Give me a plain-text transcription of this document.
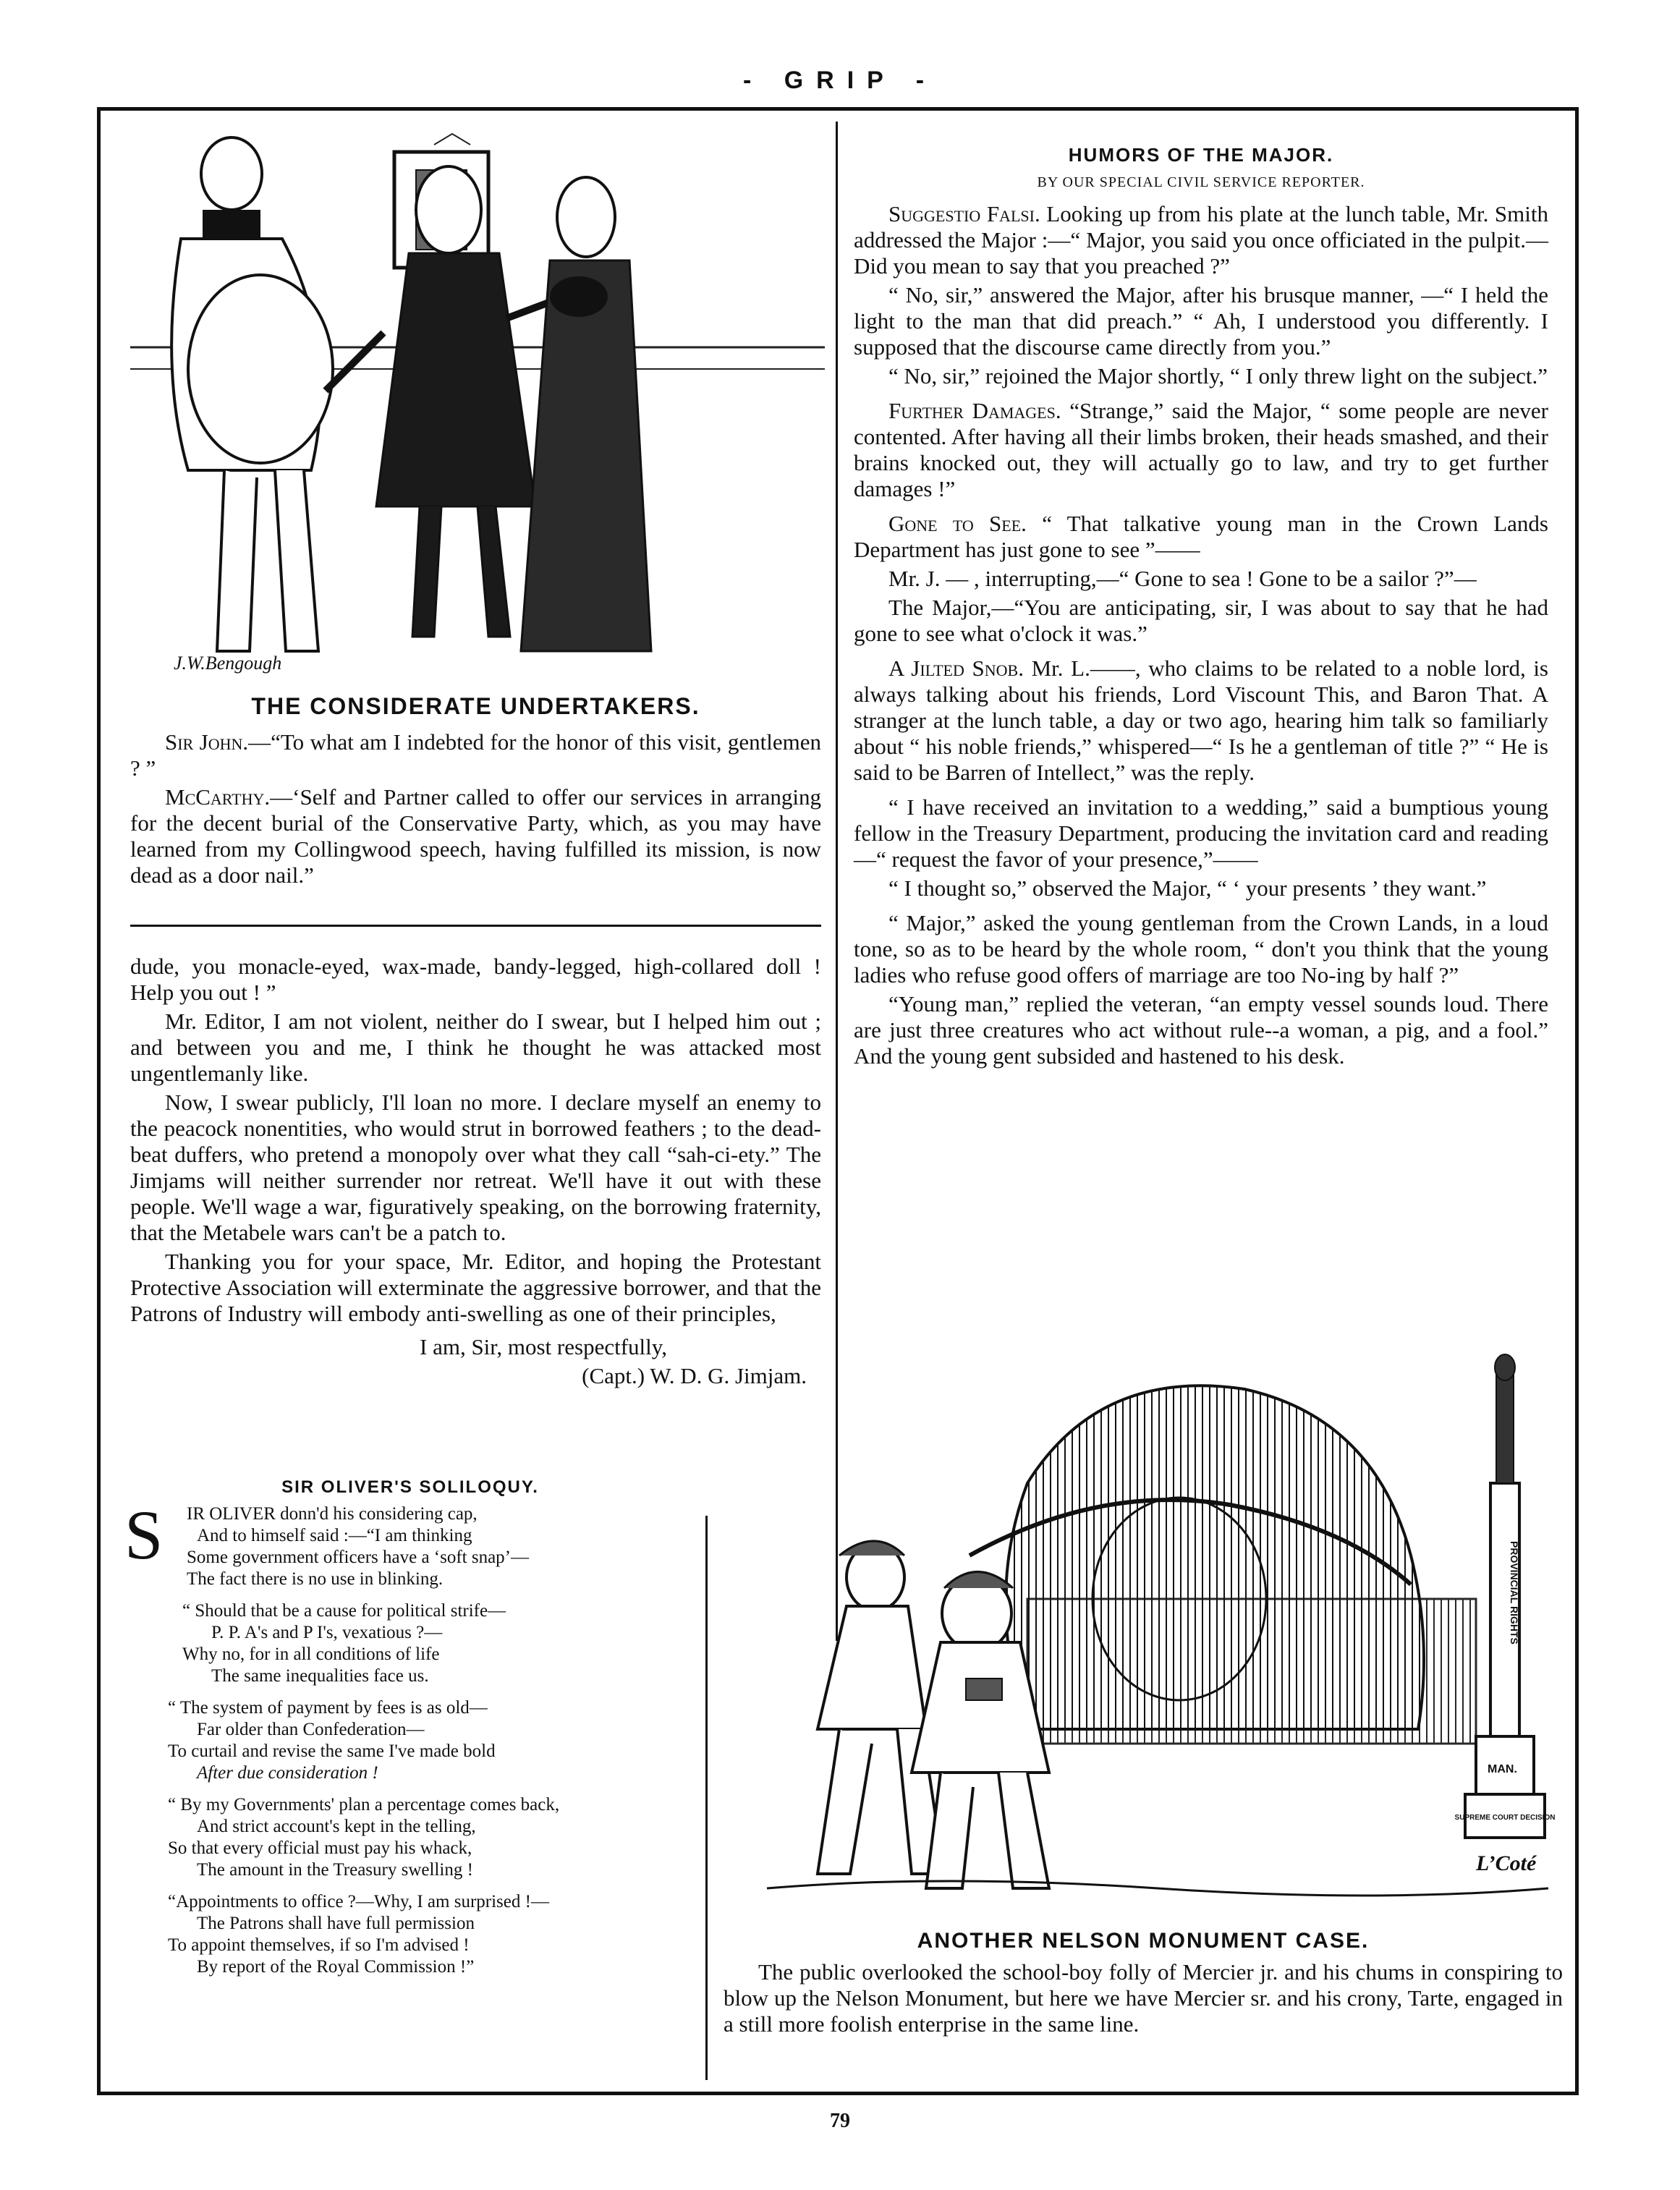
- GRIP -
J.W.Bengough
THE CONSIDERATE UNDERTAKERS.

Sir John.—“To what am I indebted for the honor of this visit, gentlemen ? ”

McCarthy.—‘Self and Partner called to offer our services in arranging for the decent burial of the Conservative Party, which, as you may have learned from my Collingwood speech, having fulfilled its mission, is now dead as a door nail.”

dude, you monacle-eyed, wax-made, bandy-legged, high-collared doll ! Help you out ! ”

Mr. Editor, I am not violent, neither do I swear, but I helped him out ; and between you and me, I think he thought he was attacked most ungentlemanly like.

Now, I swear publicly, I'll loan no more. I declare myself an enemy to the peacock nonentities, who would strut in borrowed feathers ; to the dead-beat duffers, who pretend a monopoly over what they call “sah-ci-ety.” The Jimjams will neither surrender nor retreat. We'll have it out with these people. We'll wage a war, figuratively speaking, on the borrowing fraternity, that the Metabele wars can't be a patch to.

Thanking you for your space, Mr. Editor, and hoping the Protestant Protective Association will exterminate the aggressive borrower, and that the Patrons of Industry will embody anti-swelling as one of their principles,

I am, Sir, most respectfully,

(Capt.) W. D. G. Jimjam.

HUMORS OF THE MAJOR.
BY OUR SPECIAL CIVIL SERVICE REPORTER.

Suggestio Falsi. Looking up from his plate at the lunch table, Mr. Smith addressed the Major :—“ Major, you said you once officiated in the pulpit.—Did you mean to say that you preached ?”

“ No, sir,” answered the Major, after his brusque manner, —“ I held the light to the man that did preach.” “ Ah, I understood you differently. I supposed that the discourse came directly from you.”

“ No, sir,” rejoined the Major shortly, “ I only threw light on the subject.”

Further Damages. “Strange,” said the Major, “ some people are never contented. After having all their limbs broken, their heads smashed, and their brains knocked out, they will actually go to law, and try to get further damages !”

Gone to See. “ That talkative young man in the Crown Lands Department has just gone to see ”——

Mr. J. — , interrupting,—“ Gone to sea ! Gone to be a sailor ?”—

The Major,—“You are anticipating, sir, I was about to say that he had gone to see what o'clock it was.”

A Jilted Snob. Mr. L.——, who claims to be related to a noble lord, is always talking about his friends, Lord Viscount This, and Baron That. A stranger at the lunch table, a day or two ago, hearing him talk so familiarly about “ his noble friends,” whispered—“ Is he a gentleman of title ?” “ He is said to be Barren of Intellect,” was the reply.

“ I have received an invitation to a wedding,” said a bumptious young fellow in the Treasury Department, producing the invitation card and reading—“ request the favor of your presence,”——

“ I thought so,” observed the Major, “ ‘ your presents ’ they want.”

“ Major,” asked the young gentleman from the Crown Lands, in a loud tone, so as to be heard by the whole room, “ don't you think that the young ladies who refuse good offers of marriage are too No-ing by half ?”

“Young man,” replied the veteran, “an empty vessel sounds loud. There are just three creatures who act without rule--a woman, a pig, and a fool.” And the young gent subsided and hastened to his desk.

SIR OLIVER'S SOLILOQUY.
S	IR OLIVER donn'd his considering cap,
And to himself said :—“I am thinking
Some government officers have a ‘soft snap’—
The fact there is no use in blinking.
“ Should that be a cause for political strife—
P. P. A's and P I's, vexatious ?—
Why no, for in all conditions of life
The same inequalities face us.
“ The system of payment by fees is as old—
Far older than Confederation—
To curtail and revise the same I've made bold
After due consideration !
“ By my Governments' plan a percentage comes back,
And strict account's kept in the telling,
So that every official must pay his whack,
The amount in the Treasury swelling !
“Appointments to office ?—Why, I am surprised !—
The Patrons shall have full permission
To appoint themselves, if so I'm advised !
By report of the Royal Commission !”
PROVINCIAL RIGHTS
MAN.
SUPREME COURT DECISION
L’Coté
ANOTHER NELSON MONUMENT CASE.

The public overlooked the school-boy folly of Mercier jr. and his chums in conspiring to blow up the Nelson Monument, but here we have Mercier sr. and his crony, Tarte, engaged in a still more foolish enterprise in the same line.

79
